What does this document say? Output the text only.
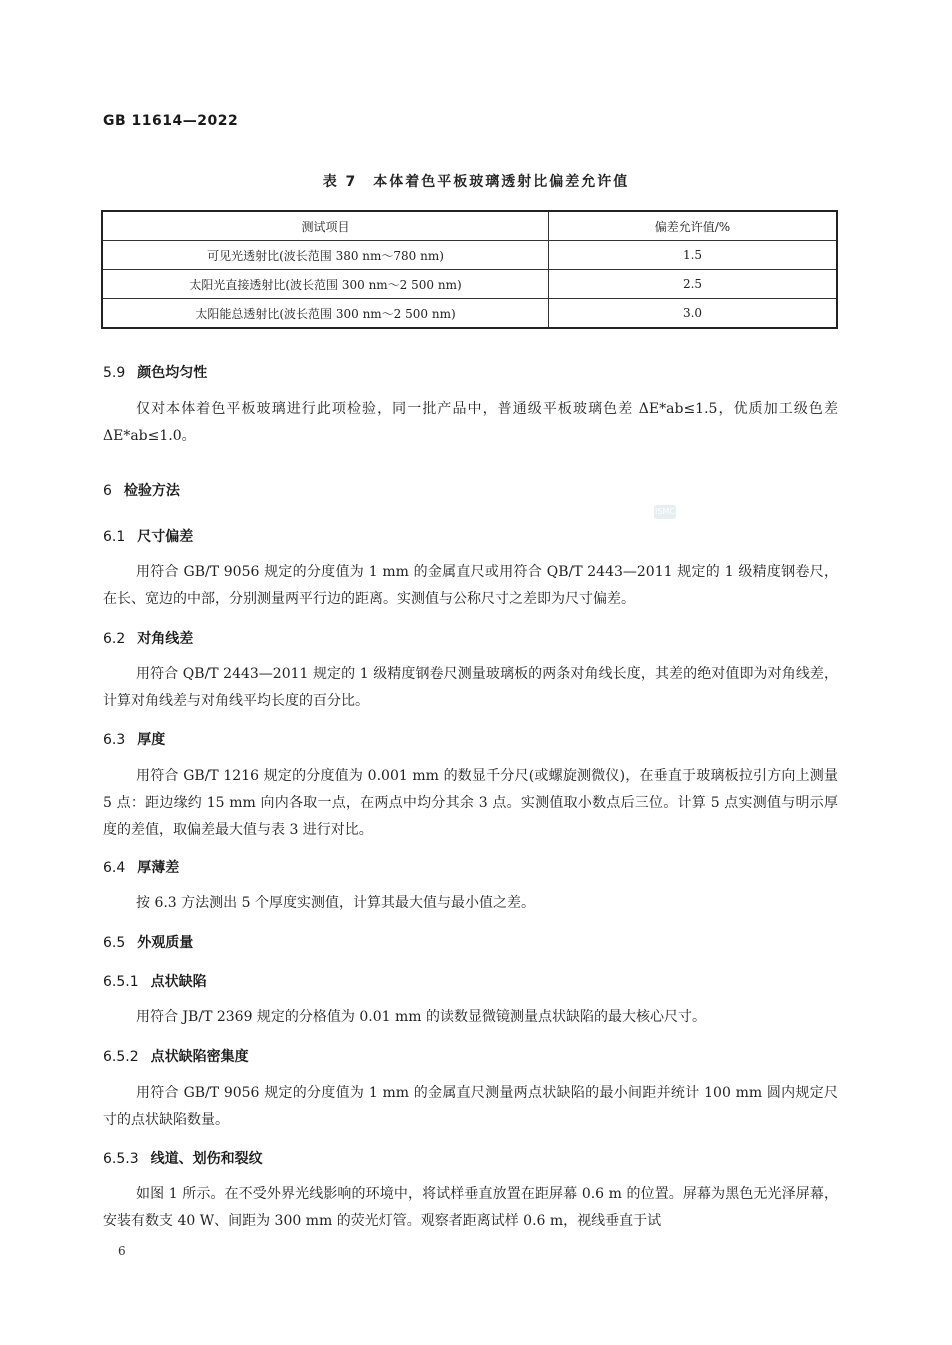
GB 11614—2022
表 7　本体着色平板玻璃透射比偏差允许值
测试项目	偏差允许值/%
可见光透射比(波长范围 380 nm～780 nm)	1.5
太阳光直接透射比(波长范围 300 nm～2 500 nm)	2.5
太阳能总透射比(波长范围 300 nm～2 500 nm)	3.0
5.9 颜色均匀性
仅对本体着色平板玻璃进行此项检验，同一批产品中，普通级平板玻璃色差 ΔE*ab≤1.5，优质加工级色差 ΔE*ab≤1.0。
6 检验方法
ISMC
6.1 尺寸偏差
用符合 GB/T 9056 规定的分度值为 1 mm 的金属直尺或用符合 QB/T 2443—2011 规定的 1 级精度钢卷尺，在长、宽边的中部，分别测量两平行边的距离。实测值与公称尺寸之差即为尺寸偏差。
6.2 对角线差
用符合 QB/T 2443—2011 规定的 1 级精度钢卷尺测量玻璃板的两条对角线长度，其差的绝对值即为对角线差，计算对角线差与对角线平均长度的百分比。
6.3 厚度
用符合 GB/T 1216 规定的分度值为 0.001 mm 的数显千分尺(或螺旋测微仪)，在垂直于玻璃板拉引方向上测量 5 点：距边缘约 15 mm 向内各取一点，在两点中均分其余 3 点。实测值取小数点后三位。计算 5 点实测值与明示厚度的差值，取偏差最大值与表 3 进行对比。
6.4 厚薄差
按 6.3 方法测出 5 个厚度实测值，计算其最大值与最小值之差。
6.5 外观质量
6.5.1 点状缺陷
用符合 JB/T 2369 规定的分格值为 0.01 mm 的读数显微镜测量点状缺陷的最大核心尺寸。
6.5.2 点状缺陷密集度
用符合 GB/T 9056 规定的分度值为 1 mm 的金属直尺测量两点状缺陷的最小间距并统计 100 mm 圆内规定尺寸的点状缺陷数量。
6.5.3 线道、划伤和裂纹
如图 1 所示。在不受外界光线影响的环境中，将试样垂直放置在距屏幕 0.6 m 的位置。屏幕为黑色无光泽屏幕，安装有数支 40 W、间距为 300 mm 的荧光灯管。观察者距离试样 0.6 m，视线垂直于试
6
